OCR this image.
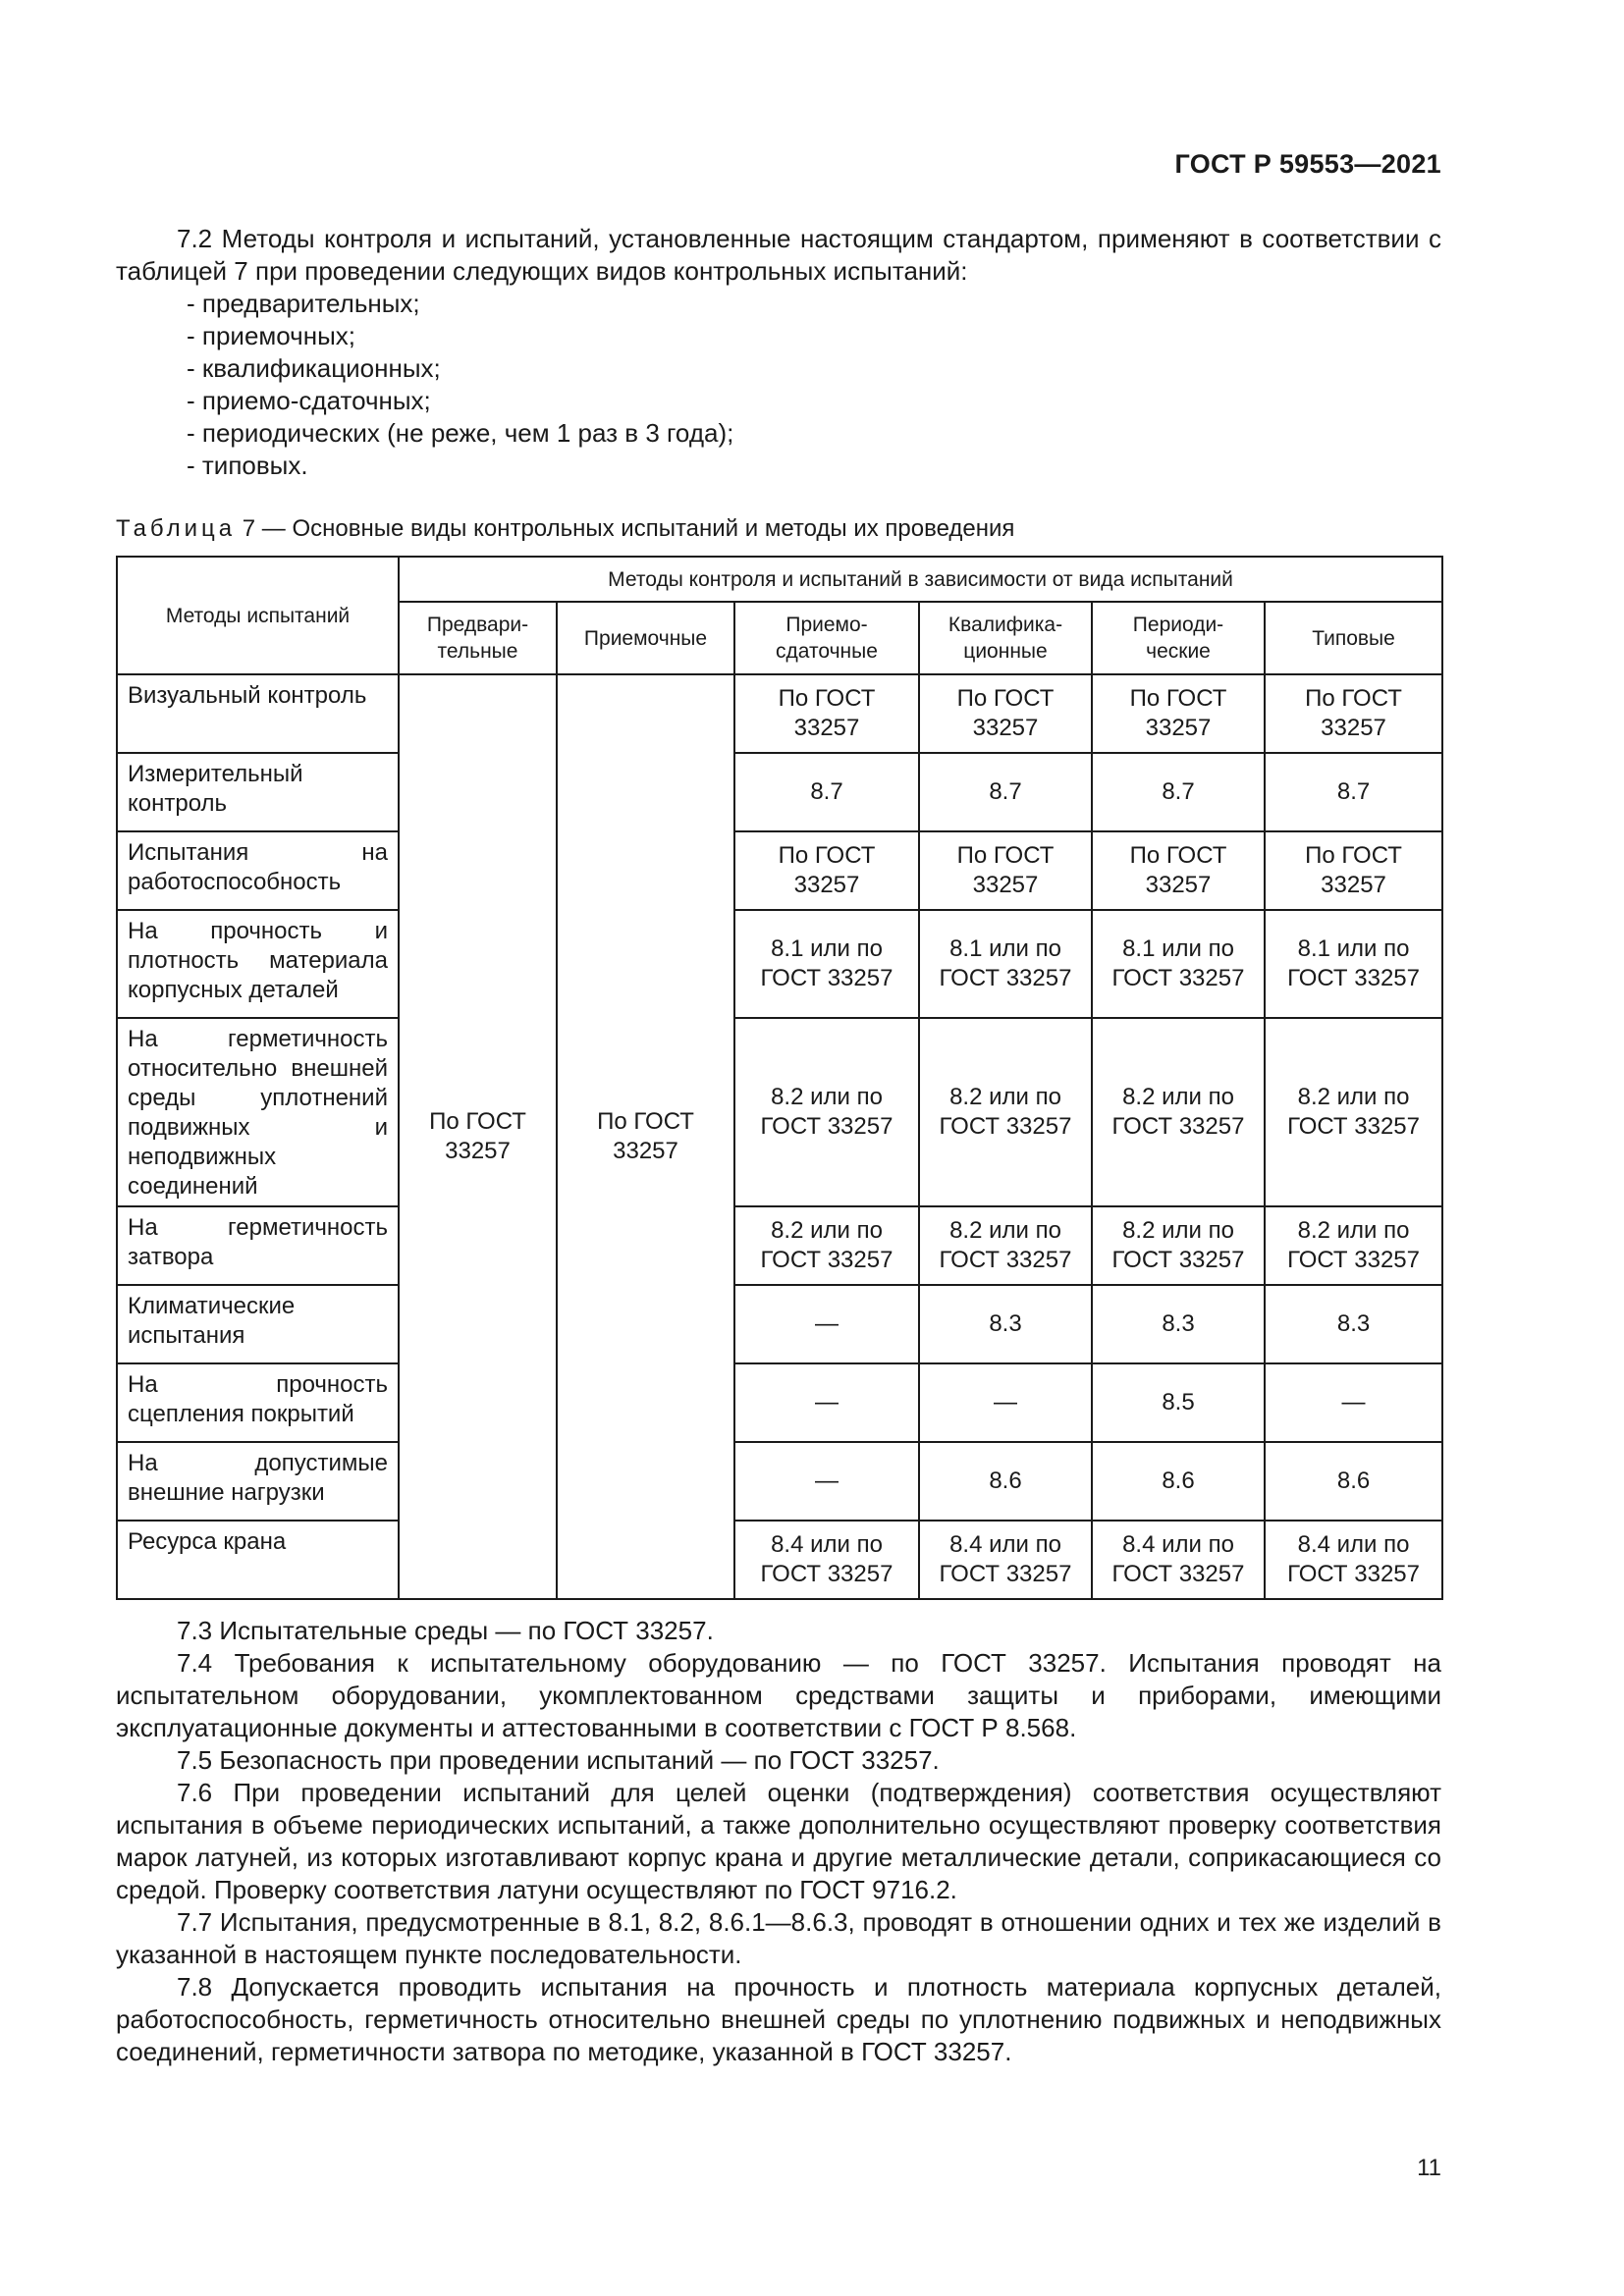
ГОСТ Р 59553—2021

7.2 Методы контроля и испытаний, установленные настоящим стандартом, применяют в соответствии с таблицей 7 при проведении следующих видов контрольных испытаний:

- предварительных;
- приемочных;
- квалификационных;
- приемо-сдаточных;
- периодических (не реже, чем 1 раз в 3 года);
- типовых.
Таблица 7 — Основные виды контрольных испытаний и методы их проведения
Методы испытаний	Методы контроля и испытаний в зависимости от вида испытаний					
	Предвари-тельные	Приемочные	Приемо-сдаточные	Квалифика-ционные	Периоди-ческие	Типовые
Визуальный контроль	По ГОСТ 33257	По ГОСТ 33257	По ГОСТ 33257	По ГОСТ 33257	По ГОСТ 33257	По ГОСТ 33257
Измерительный контроль			8.7	8.7	8.7	8.7
Испытания на работоспособность			По ГОСТ 33257	По ГОСТ 33257	По ГОСТ 33257	По ГОСТ 33257
На прочность и плотность материала корпусных деталей			8.1 или по ГОСТ 33257	8.1 или по ГОСТ 33257	8.1 или по ГОСТ 33257	8.1 или по ГОСТ 33257
На герметичность относительно внешней среды уплотнений подвижных и неподвижных соединений			8.2 или по ГОСТ 33257	8.2 или по ГОСТ 33257	8.2 или по ГОСТ 33257	8.2 или по ГОСТ 33257
На герметичность затвора			8.2 или по ГОСТ 33257	8.2 или по ГОСТ 33257	8.2 или по ГОСТ 33257	8.2 или по ГОСТ 33257
Климатические испытания			—	8.3	8.3	8.3
На прочность сцепления покрытий			—	—	8.5	—
На допустимые внешние нагрузки			—	8.6	8.6	8.6
Ресурса крана			8.4 или по ГОСТ 33257	8.4 или по ГОСТ 33257	8.4 или по ГОСТ 33257	8.4 или по ГОСТ 33257

7.3 Испытательные среды — по ГОСТ 33257.

7.4 Требования к испытательному оборудованию — по ГОСТ 33257. Испытания проводят на испытательном оборудовании, укомплектованном средствами защиты и приборами, имеющими эксплуатационные документы и аттестованными в соответствии с ГОСТ Р 8.568.

7.5 Безопасность при проведении испытаний — по ГОСТ 33257.

7.6 При проведении испытаний для целей оценки (подтверждения) соответствия осуществляют испытания в объеме периодических испытаний, а также дополнительно осуществляют проверку соответствия марок латуней, из которых изготавливают корпус крана и другие металлические детали, соприкасающиеся со средой. Проверку соответствия латуни осуществляют по ГОСТ 9716.2.

7.7 Испытания, предусмотренные в 8.1, 8.2, 8.6.1—8.6.3, проводят в отношении одних и тех же изделий в указанной в настоящем пункте последовательности.

7.8 Допускается проводить испытания на прочность и плотность материала корпусных деталей, работоспособность, герметичность относительно внешней среды по уплотнению подвижных и неподвижных соединений, герметичности затвора по методике, указанной в ГОСТ 33257.

11
